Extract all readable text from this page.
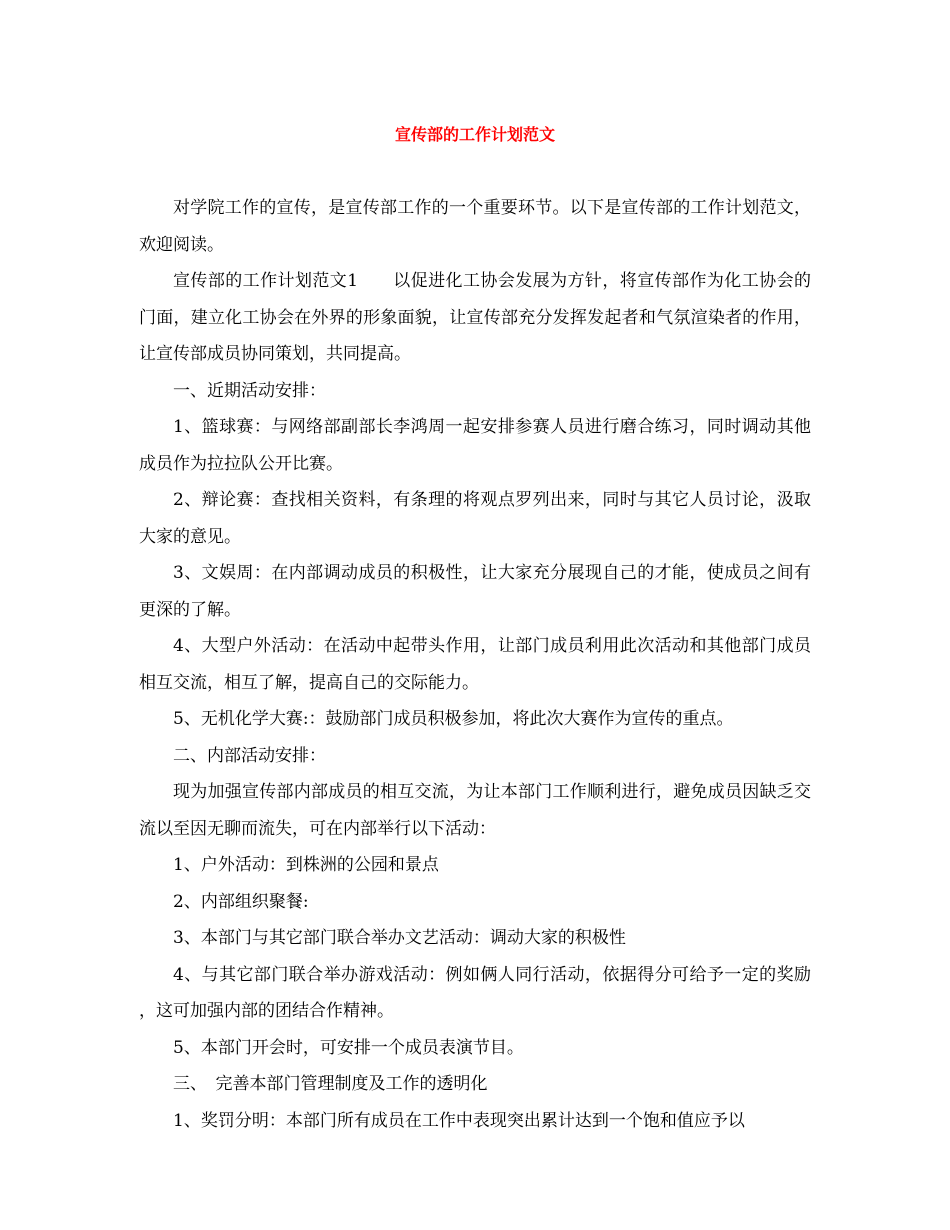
宣传部的工作计划范文

对学院工作的宣传，是宣传部工作的一个重要环节。以下是宣传部的工作计划范文，欢迎阅读。

宣传部的工作计划范文1　　以促进化工协会发展为方针，将宣传部作为化工协会的门面，建立化工协会在外界的形象面貌，让宣传部充分发挥发起者和气氛渲染者的作用，让宣传部成员协同策划，共同提高。

一、近期活动安排：

1、篮球赛：与网络部副部长李鸿周一起安排参赛人员进行磨合练习，同时调动其他成员作为拉拉队公开比赛。

2、辩论赛：查找相关资料，有条理的将观点罗列出来，同时与其它人员讨论，汲取大家的意见。

3、文娱周：在内部调动成员的积极性，让大家充分展现自己的才能，使成员之间有更深的了解。

4、大型户外活动：在活动中起带头作用，让部门成员利用此次活动和其他部门成员相互交流，相互了解，提高自己的交际能力。

5、无机化学大赛:：鼓励部门成员积极参加，将此次大赛作为宣传的重点。

二、内部活动安排：

现为加强宣传部内部成员的相互交流，为让本部门工作顺利进行，避免成员因缺乏交流以至因无聊而流失，可在内部举行以下活动：

1、户外活动：到株洲的公园和景点

2、内部组织聚餐:

3、本部门与其它部门联合举办文艺活动：调动大家的积极性

4、与其它部门联合举办游戏活动：例如俩人同行活动，依据得分可给予一定的奖励 ，这可加强内部的团结合作精神。

5、本部门开会时，可安排一个成员表演节目。

三、　完善本部门管理制度及工作的透明化

1、奖罚分明：本部门所有成员在工作中表现突出累计达到一个饱和值应予以
